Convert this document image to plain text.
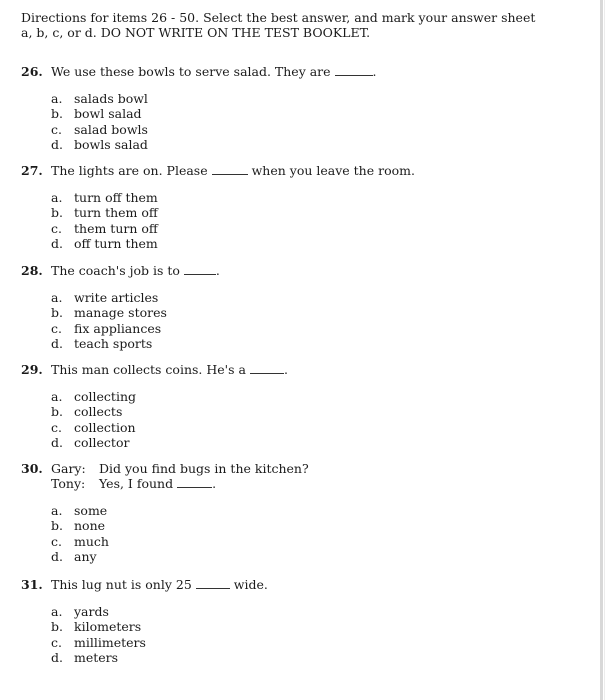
Directions for items 26 - 50. Select the best answer, and mark your answer sheet
a, b, c, or d. DO NOT WRITE ON THE TEST BOOKLET.
26. We use these bowls to serve salad. They are	.
a. salads bowl
b. bowl salad
c. salad bowls
d. bowls salad
27. The lights are on. Please	when you leave the room.
a. turn off them
b. turn them off
c. them turn off
d. off turn them
28. The coach's job is to	.
a. write articles
b. manage stores
c. fix appliances
d. teach sports
29. This man collects coins. He's a	.
a. collecting
b. collects
c. collection
d. collector
30. Gary:	Did you find bugs in the kitchen?
Tony:	Yes, I found	.
a. some
b. none
c. much
d. any
31. This lug nut is only 25	wide.
a. yards
b. kilometers
c. millimeters
d. meters
